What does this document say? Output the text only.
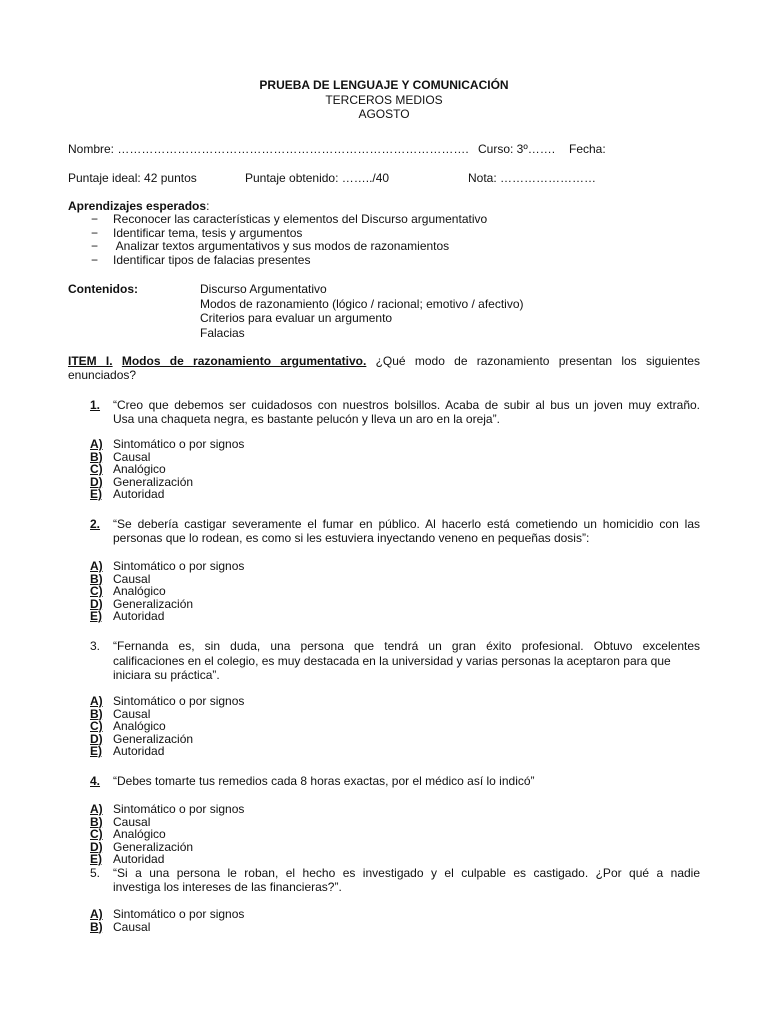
PRUEBA DE LENGUAJE Y COMUNICACIÓN
TERCEROS MEDIOS
AGOSTO
Nombre: ……………………………………………………………………………. Curso: 3º……. Fecha:
Puntaje ideal: 42 puntos	Puntaje obtenido: ……../40	Nota: ……………………
Aprendizajes esperados:
− Reconocer las características y elementos del Discurso argumentativo
− Identificar tema, tesis y argumentos
− Analizar textos argumentativos y sus modos de razonamientos
− Identificar tipos de falacias presentes
Contenidos:	Discurso Argumentativo
Modos de razonamiento (lógico / racional; emotivo / afectivo)
Criterios para evaluar un argumento
Falacias
ITEM I. Modos de razonamiento argumentativo. ¿Qué modo de razonamiento presentan los siguientes enunciados?
1. “Creo que debemos ser cuidadosos con nuestros bolsillos. Acaba de subir al bus un joven muy extraño.
Usa una chaqueta negra, es bastante pelucón y lleva un aro en la oreja”.
A) Sintomático o por signos
B) Causal
C) Analógico
D) Generalización
E) Autoridad
2. “Se debería castigar severamente el fumar en público. Al hacerlo está cometiendo un homicidio con las
personas que lo rodean, es como si les estuviera inyectando veneno en pequeñas dosis”:
A) Sintomático o por signos
B) Causal
C) Analógico
D) Generalización
E) Autoridad
3. “Fernanda es, sin duda, una persona que tendrá un gran éxito profesional. Obtuvo excelentes
calificaciones en el colegio, es muy destacada en la universidad y varias personas la aceptaron para que
iniciara su práctica”.
A) Sintomático o por signos
B) Causal
C) Analógico
D) Generalización
E) Autoridad
4. “Debes tomarte tus remedios cada 8 horas exactas, por el médico así lo indicó”
A) Sintomático o por signos
B) Causal
C) Analógico
D) Generalización
E) Autoridad
5. “Si a una persona le roban, el hecho es investigado y el culpable es castigado. ¿Por qué a nadie
investiga los intereses de las financieras?”.
A) Sintomático o por signos
B) Causal
